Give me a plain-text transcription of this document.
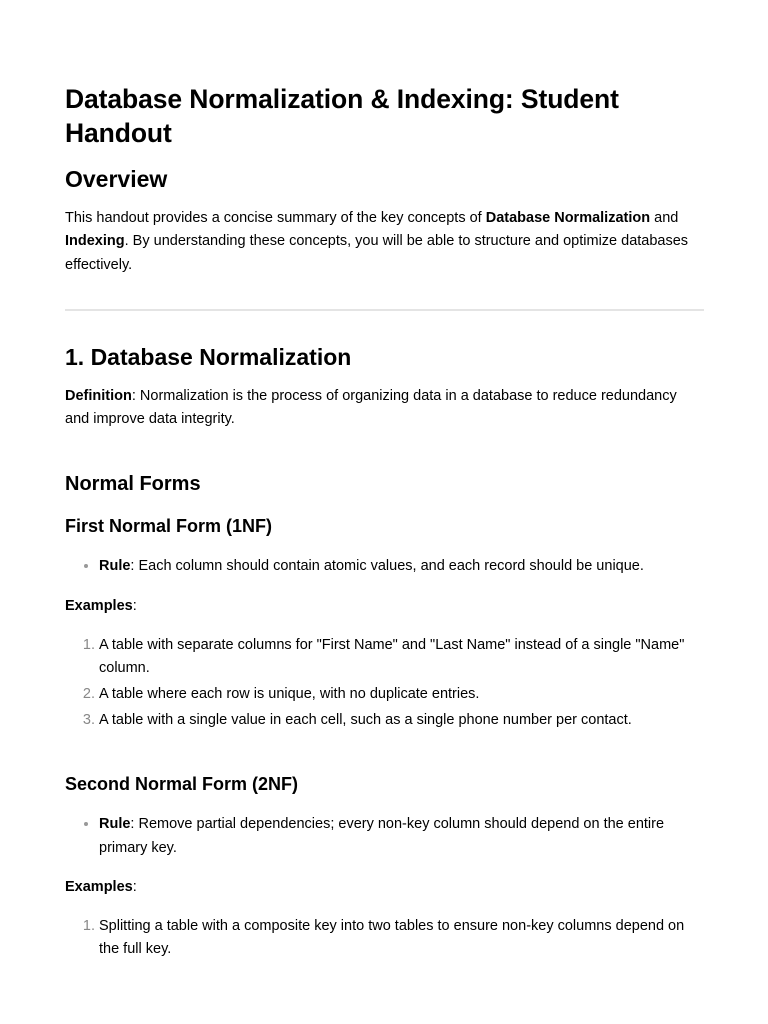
Database Normalization & Indexing: Student Handout
Overview

This handout provides a concise summary of the key concepts of Database Normalization and Indexing. By understanding these concepts, you will be able to structure and optimize databases effectively.

1. Database Normalization

Definition: Normalization is the process of organizing data in a database to reduce redundancy and improve data integrity.

Normal Forms
First Normal Form (1NF)
• Rule: Each column should contain atomic values, and each record should be unique.

Examples:

1. A table with separate columns for "First Name" and "Last Name" instead of a single "Name" column.
2. A table where each row is unique, with no duplicate entries.
3. A table with a single value in each cell, such as a single phone number per contact.
Second Normal Form (2NF)
• Rule: Remove partial dependencies; every non-key column should depend on the entire primary key.

Examples:

1. Splitting a table with a composite key into two tables to ensure non-key columns depend on the full key.
